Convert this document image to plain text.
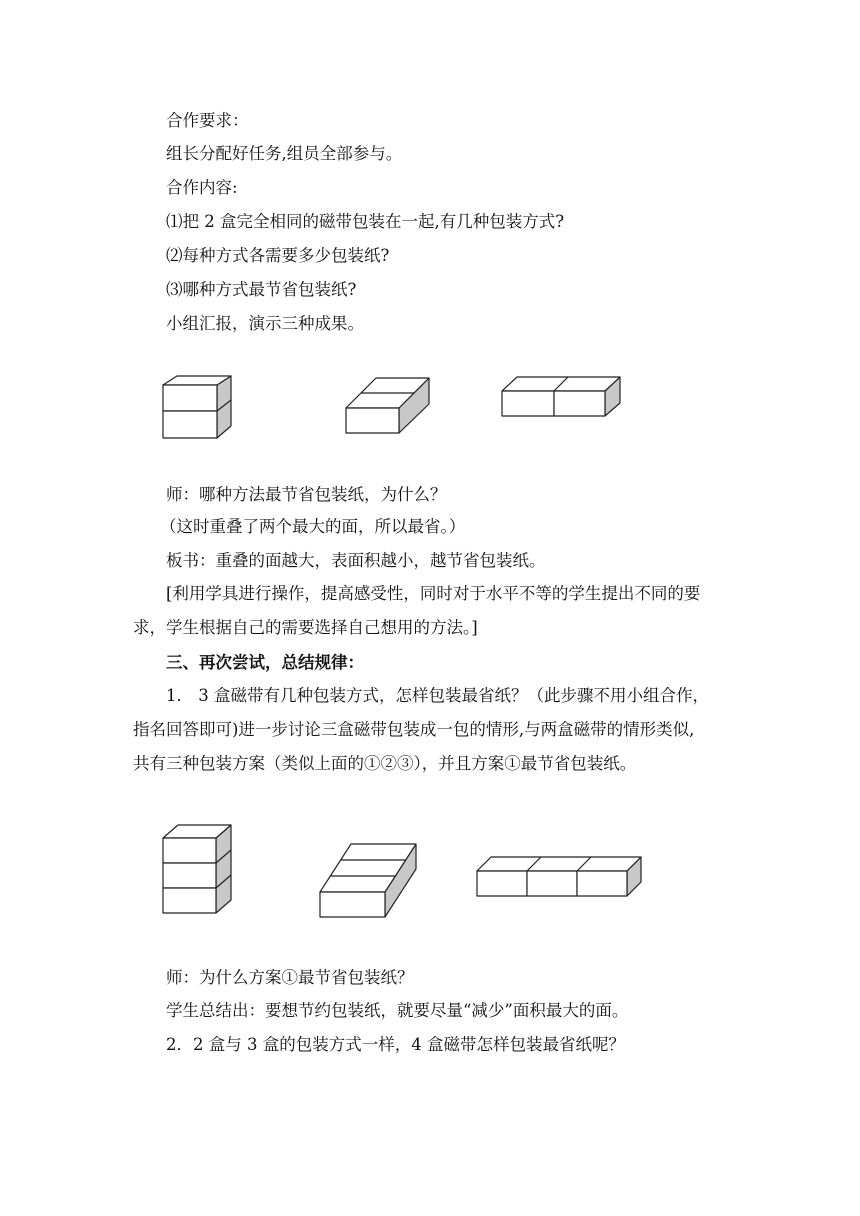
合作要求：
组长分配好任务,组员全部参与。
合作内容:
⑴把 2 盒完全相同的磁带包装在一起,有几种包装方式?
⑵每种方式各需要多少包装纸?
⑶哪种方式最节省包装纸?
小组汇报，演示三种成果。
师：哪种方法最节省包装纸，为什么？
（这时重叠了两个最大的面，所以最省。）
板书：重叠的面越大，表面积越小，越节省包装纸。
[利用学具进行操作，提高感受性，同时对于水平不等的学生提出不同的要
求，学生根据自己的需要选择自己想用的方法。]
三、再次尝试，总结规律：
1． 3 盒磁带有几种包装方式，怎样包装最省纸？（此步骤不用小组合作，
指名回答即可)进一步讨论三盒磁带包装成一包的情形,与两盒磁带的情形类似,
共有三种包装方案（类似上面的①②③），并且方案①最节省包装纸。
师：为什么方案①最节省包装纸？
学生总结出：要想节约包装纸，就要尽量“减少”面积最大的面。
2．2 盒与 3 盒的包装方式一样，4 盒磁带怎样包装最省纸呢？
